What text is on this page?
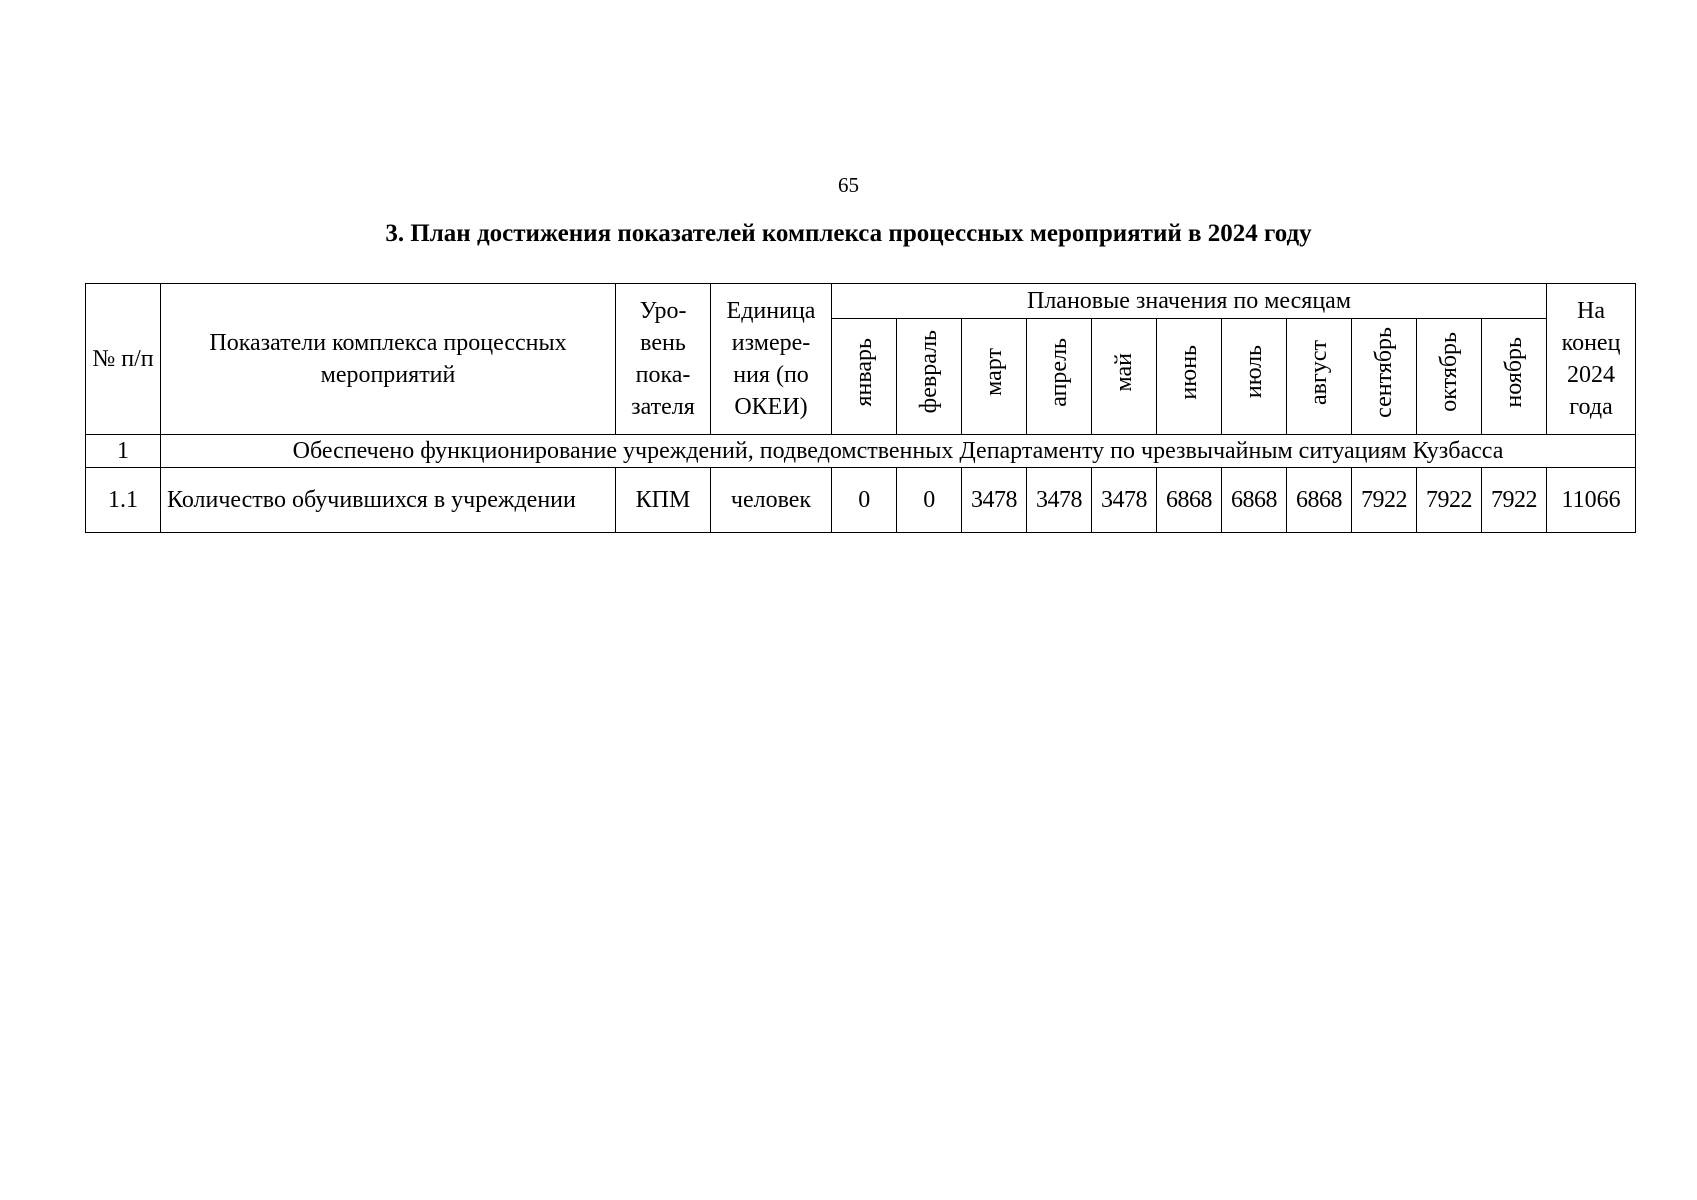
65
3. План достижения показателей комплекса процессных мероприятий в 2024 году
№ п/п	Показатели комплекса процессных мероприятий	Уро-вень пока-зателя	Единица измере-ния (по ОКЕИ)	Плановые значения по месяцам											На конец 2024 года
				январь	февраль	март	апрель	май	июнь	июль	август	сентябрь	октябрь	ноябрь	
1	Обеспечено функционирование учреждений, подведомственных Департаменту по чрезвычайным ситуациям Кузбасса														
1.1	Количество обучившихся в учреждении	КПМ	человек	0	0	3478	3478	3478	6868	6868	6868	7922	7922	7922	11066
